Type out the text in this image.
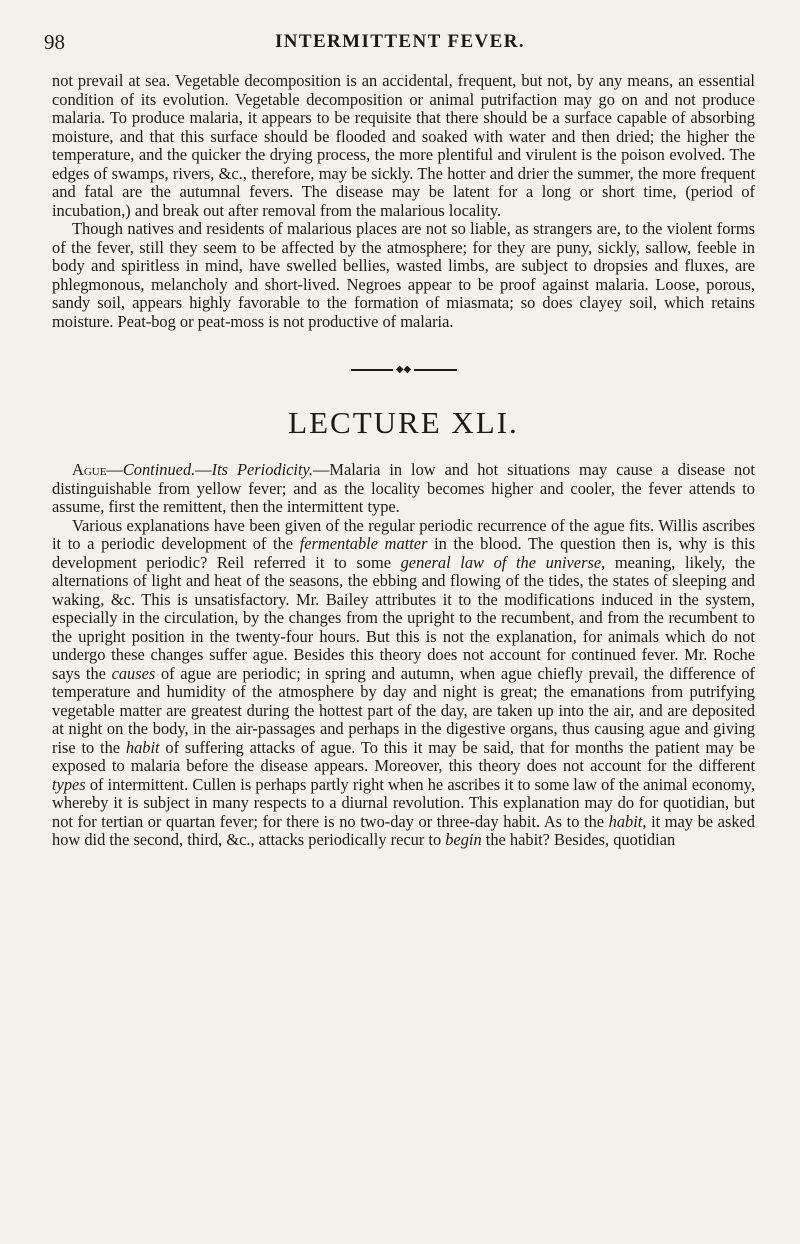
98	INTERMITTENT FEVER.

not prevail at sea. Vegetable decomposition is an accidental, frequent, but not, by any means, an essential condition of its evolution. Vegetable decomposition or animal putrifaction may go on and not produce malaria. To produce malaria, it appears to be requisite that there should be a surface capable of absorbing moisture, and that this surface should be flooded and soaked with water and then dried; the higher the temperature, and the quicker the drying process, the more plentiful and virulent is the poison evolved. The edges of swamps, rivers, &c., therefore, may be sickly. The hotter and drier the summer, the more frequent and fatal are the autumnal fevers. The disease may be latent for a long or short time, (period of incubation,) and break out after removal from the malarious locality.

Though natives and residents of malarious places are not so liable, as strangers are, to the violent forms of the fever, still they seem to be affected by the atmosphere; for they are puny, sickly, sallow, feeble in body and spiritless in mind, have swelled bellies, wasted limbs, are subject to dropsies and fluxes, are phlegmonous, melancholy and short-lived. Negroes appear to be proof against malaria. Loose, porous, sandy soil, appears highly favorable to the formation of miasmata; so does clayey soil, which retains moisture. Peat-bog or peat-moss is not productive of malaria.

◆◆
LECTURE XLI.

Ague—Continued.—Its Periodicity.—Malaria in low and hot situations may cause a disease not distinguishable from yellow fever; and as the locality becomes higher and cooler, the fever attends to assume, first the remittent, then the intermittent type.

Various explanations have been given of the regular periodic recurrence of the ague fits. Willis ascribes it to a periodic development of the fermentable matter in the blood. The question then is, why is this development periodic? Reil referred it to some general law of the universe, meaning, likely, the alternations of light and heat of the seasons, the ebbing and flowing of the tides, the states of sleeping and waking, &c. This is unsatisfactory. Mr. Bailey attributes it to the modifications induced in the system, especially in the circulation, by the changes from the upright to the recumbent, and from the recumbent to the upright position in the twenty-four hours. But this is not the explanation, for animals which do not undergo these changes suffer ague. Besides this theory does not account for continued fever. Mr. Roche says the causes of ague are periodic; in spring and autumn, when ague chiefly prevail, the difference of temperature and humidity of the atmosphere by day and night is great; the emanations from putrifying vegetable matter are greatest during the hottest part of the day, are taken up into the air, and are deposited at night on the body, in the air-passages and perhaps in the digestive organs, thus causing ague and giving rise to the habit of suffering attacks of ague. To this it may be said, that for months the patient may be exposed to malaria before the disease appears. Moreover, this theory does not account for the different types of intermittent. Cullen is perhaps partly right when he ascribes it to some law of the animal economy, whereby it is subject in many respects to a diurnal revolution. This explanation may do for quotidian, but not for tertian or quartan fever; for there is no two-day or three-day habit. As to the habit, it may be asked how did the second, third, &c., attacks periodically recur to begin the habit? Besides, quotidian
